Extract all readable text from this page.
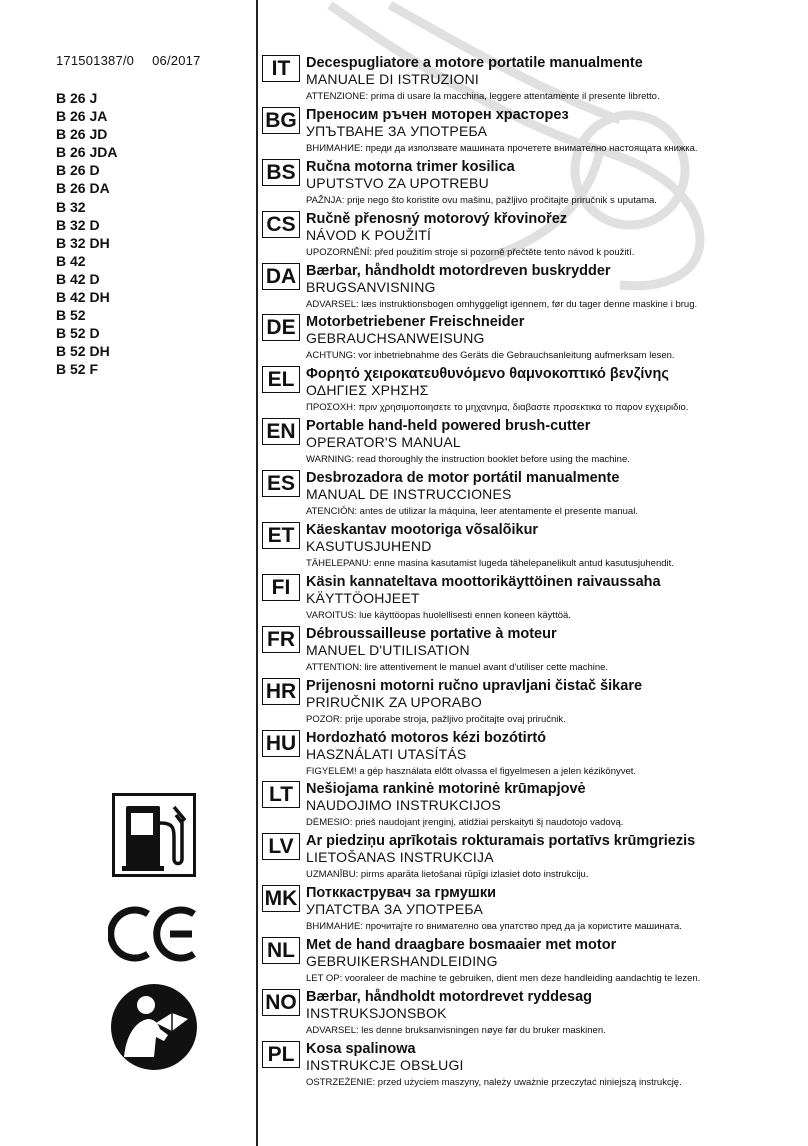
171501387/0 06/2017
B 26 J
B 26 JA
B 26 JD
B 26 JDA
B 26 D
B 26 DA
B 32
B 32 D
B 32 DH
B 42
B 42 D
B 42 DH
B 52
B 52 D
B 52 DH
B 52 F
IT	Decespugliatore a motore portatile manualmente
MANUALE DI ISTRUZIONI
ATTENZIONE: prima di usare la macchina, leggere attentamente il presente libretto.
BG Преносим ръчен моторен храсторез
УПЪТВАНЕ ЗА УПОТРЕБА
ВНИМАНИЕ: преди да използвате машината прочетете внимателно настоящата книжка.
BS Ručna motorna trimer kosilica
UPUTSTVO ZA UPOTREBU
PAŽNJA: prije nego što koristite ovu mašinu, pažljivo pročitajte priručnik s uputama.
CS Ručně přenosný motorový křovinořez
NÁVOD K POUŽITÍ
UPOZORNĚNÍ: před použitím stroje si pozorně přečtěte tento návod k použití.
DA Bærbar, håndholdt motordreven buskrydder
BRUGSANVISNING
ADVARSEL: læs instruktionsbogen omhyggeligt igennem, før du tager denne maskine i brug.
DE Motorbetriebener Freischneider
GEBRAUCHSANWEISUNG
ACHTUNG: vor inbetriebnahme des Geräts die Gebrauchsanleitung aufmerksam lesen.
EL Φορητό χειροκατευθυνόμενο θαμνοκοπτικό βενζίνης
ΟΔΗΓΙΕΣ ΧΡΗΣΗΣ
ΠΡΟΣΟΧΗ: πριν χρησιμοποιησετε το μηχανημα, διαβαστε προσεκτικα το παρον εγχειριδιο.
EN Portable hand-held powered brush-cutter
OPERATOR'S MANUAL
WARNING: read thoroughly the instruction booklet before using the machine.
ES Desbrozadora de motor portátil manualmente
MANUAL DE INSTRUCCIONES
ATENCIÓN: antes de utilizar la máquina, leer atentamente el presente manual.
ET Käeskantav mootoriga võsalõikur
KASUTUSJUHEND
TÄHELEPANU: enne masina kasutamist lugeda tähelepanelikult antud kasutusjuhendit.
FI	Käsin kannateltava moottorikäyttöinen raivaussaha
KÄYTTÖOHJEET
VAROITUS: lue käyttöopas huolellisesti ennen koneen käyttöä.
FR Débroussailleuse portative à moteur
MANUEL D'UTILISATION
ATTENTION: lire attentivement le manuel avant d'utiliser cette machine.
HR Prijenosni motorni ručno upravljani čistač šikare
PRIRUČNIK ZA UPORABO
POZOR: prije uporabe stroja, pažljivo pročitajte ovaj priručnik.
HU Hordozható motoros kézi bozótirtó
HASZNÁLATI UTASÍTÁS
FIGYELEM! a gép használata előtt olvassa el figyelmesen a jelen kézikönyvet.
LT Nešiojama rankinė motorinė krūmapjovė
NAUDOJIMO INSTRUKCIJOS
DĖMESIO: prieš naudojant įrenginį, atidžiai perskaityti šį naudotojo vadovą.
LV Ar piedziņu aprīkotais rokturamais portatīvs krūmgriezis
LIETOŠANAS INSTRUKCIJA
UZMANĪBU: pirms aparāta lietošanai rūpīgi izlasiet doto instrukciju.
MK Потккаструвач за грмушки
УПАТСТВА ЗА УПОТРЕБА
ВНИМАНИЕ: прочитајте го внимателно ова упатство пред да ја користите машината.
NL Met de hand draagbare bosmaaier met motor
GEBRUIKERSHANDLEIDING
LET OP: vooraleer de machine te gebruiken, dient men deze handleiding aandachtig te lezen.
NO Bærbar, håndholdt motordrevet ryddesag
INSTRUKSJONSBOK
ADVARSEL: les denne bruksanvisningen nøye før du bruker maskinen.
PL Kosa spalinowa
INSTRUKCJE OBSŁUGI
OSTRZEŻENIE: przed użyciem maszyny, należy uważnie przeczytać niniejszą instrukcję.
